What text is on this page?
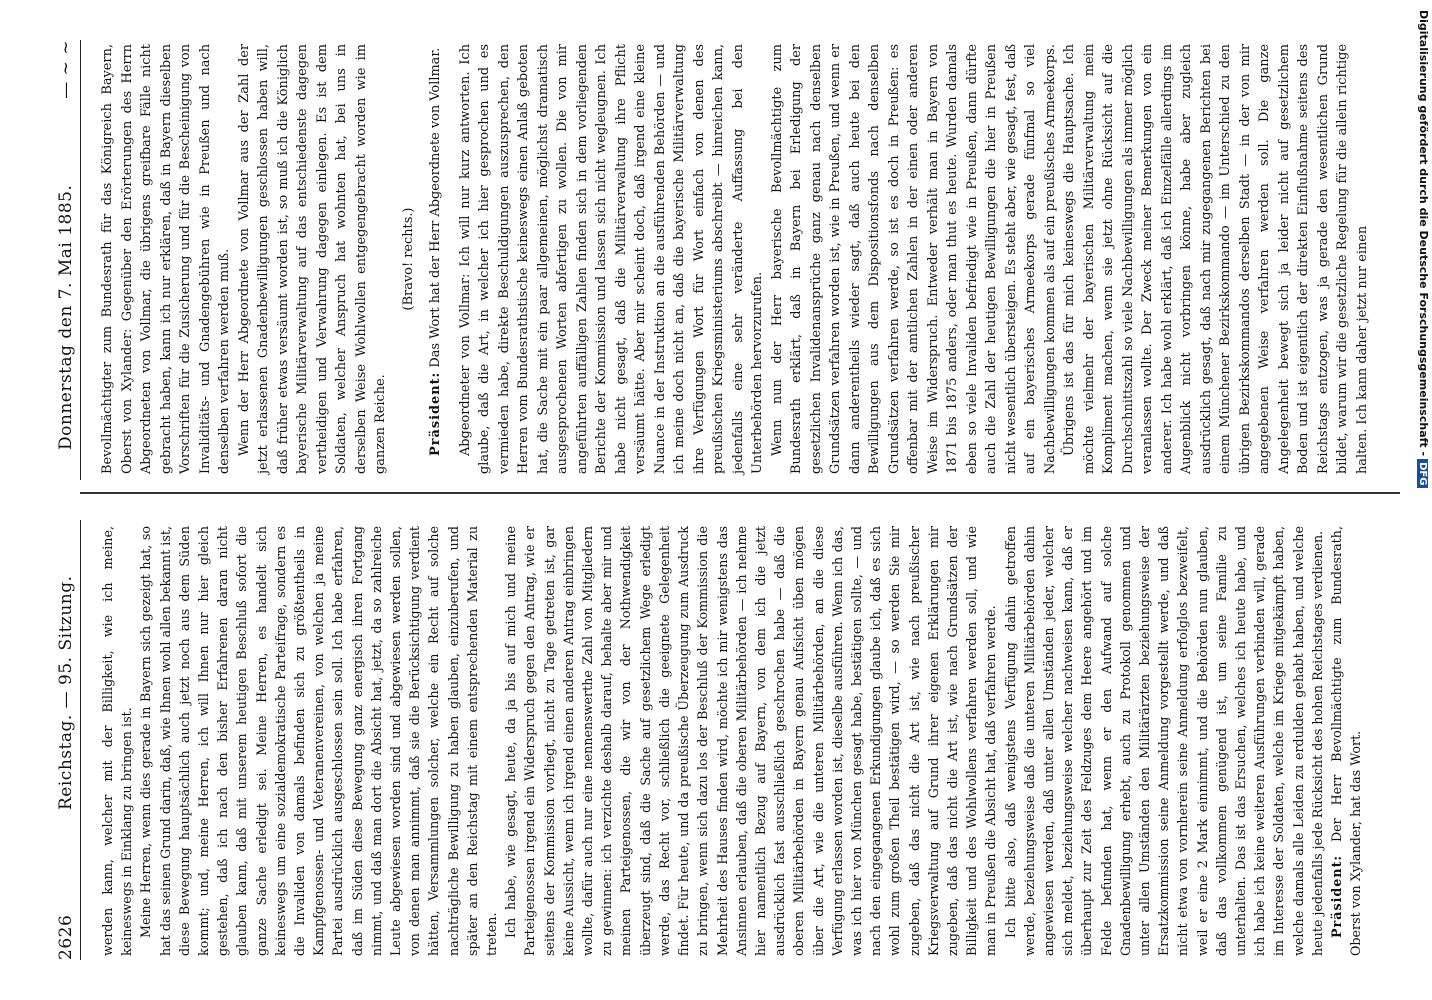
2626
Reichstag. — 95. Sitzung.
Donnerstag den 7. Mai 1885.
— ~ ~

werden kann, welcher mit der Billigkeit, wie ich meine, keineswegs in Einklang zu bringen ist. Meine Herren, wenn dies gerade in Bayern sich gezeigt hat, so hat das seinen Grund darin, daß, wie Ihnen wohl allen bekannt ist, diese Bewegung hauptsächlich auch jetzt noch aus dem Süden kommt; und, meine Herren, ich will Ihnen nur hier gleich gestehen, daß ich nach den bisher Erfahrenen daran nicht glauben kann, daß mit unserem heutigen Beschluß sofort die ganze Sache erledigt sei. Meine Herren, es handelt sich keineswegs um eine sozialdemokratische Parteifrage, sondern es die Invaliden von damals befinden sich zu größtentheils in Kampfgenossen- und Veteranenvereinen, von welchen ja meine Partei ausdrücklich ausgeschlossen sein soll. Ich habe erfahren, daß im Süden diese Bewegung ganz energisch ihren Fortgang nimmt, und daß man dort die Absicht hat, jetzt, da so zahlreiche Leute abgewiesen worden sind und abgewiesen werden sollen, von denen man annimmt, daß sie die Berücksichtigung verdient hätten, Versammlungen solcher, welche ein Recht auf solche nachträgliche Bewilligung zu haben glauben, einzuberufen, und später an den Reichstag mit einem entsprechenden Material zu treten. Ich habe, wie gesagt, heute, da ja bis auf mich und meine Parteigenossen irgend ein Widerspruch gegen den Antrag, wie er seitens der Kommission vorliegt, nicht zu Tage getreten ist, gar keine Aussicht, wenn ich irgend einen anderen Antrag einbringen wollte, dafür auch nur eine nennenswerthe Zahl von Mitgliedern zu gewinnen: ich verzichte deshalb darauf, behalte aber mir und meinen Parteigenossen, die wir von der Nothwendigkeit überzeugt sind, daß die Sache auf gesetzlichem Wege erledigt werde, das Recht vor, schließlich die geeignete Gelegenheit findet. Für heute, und da preußische Überzeugung zum Ausdruck zu bringen, wenn sich dazu los der Beschluß der Kommission die Mehrheit des Hauses finden wird, möchte ich mir wenigstens das Ansinnen erlauben, daß die oberen Militärbehörden — ich nehme hier namentlich Bezug auf Bayern, von dem ich die jetzt ausdrücklich fast ausschließlich geschrochen habe — daß die oberen Militärbehörden in Bayern genau Aufsicht üben mögen über die Art, wie die unteren Militärbehörden, an die diese Verfügung erlassen worden ist, dieselbe ausführen. Wenn ich das, was ich hier von München gesagt habe, bestätigen sollte, — und nach den eingegangenen Erkundigungen glaube ich, daß es sich wohl zum großen Theil bestätigen wird, — so werden Sie mir zugeben, daß das nicht die Art ist, wie nach preußischer Kriegsverwaltung auf Grund ihrer eigenen Erklärungen mir zugeben, daß das nicht die Art ist, wie nach Grundsätzen der Billigkeit und des Wohlwollens verfahren werden soll, und wie man in Preußen die Absicht hat, daß verfahren werde. Ich bitte also, daß wenigstens Verfügung dahin getroffen werde, beziehungsweise daß die unteren Militärbehörden dahin angewiesen werden, daß unter allen Umständen jeder, welcher sich meldet, beziehungsweise welcher nachweisen kann, daß er überhaupt zur Zeit des Feldzuges dem Heere angehört und im Felde befunden hat, wenn er den Aufwand auf solche Gnadenbewilligung erhebt, auch zu Protokoll genommen und unter allen Umständen den Militärärzten beziehungsweise der Ersatzkommission seine Anmeldung vorgestellt werde, und daß nicht etwa von vornherein seine Anmeldung erfolglos bezweifelt, weil er eine 2 Mark einnimmt, und die Behörden nun glauben, daß das vollkommen genügend ist, um seine Familie zu unterhalten. Das ist das Ersuchen, welches ich heute habe, und ich habe ich keine weiteren Ausführungen verbinden will, gerade im Interesse der Soldaten, welche im Kriege mitgekämpft haben, welche damals alle Leiden zu erdulden gehabt haben, und welche heute jedenfalls jede Rücksicht des hohen Reichstages verdienen. Präsident: Der Herr Bevollmächtigte zum Bundesrath, Oberst von Xylander, hat das Wort.

Bevollmächtigter zum Bundesrath für das Königreich Bayern, Oberst von Xylander: Gegenüber den Erörterungen des Herrn Abgeordneten von Vollmar, die übrigens greifbare Fälle nicht gebracht haben, kann ich nur erklären, daß in Bayern dieselben Vorschriften für die Zusicherung und für die Bescheinigung von Invaliditäts- und Gnadengebühren wie in Preußen und nach denselben verfahren werden muß. Wenn der Herr Abgeordnete von Vollmar aus der Zahl der jetzt erlassenen Gnadenbewilligungen geschlossen haben will, daß früher etwas versäumt worden ist, so muß ich die Königlich bayerische Militärverwaltung auf das entschiedenste dagegen vertheidigen und Verwahrung dagegen einlegen. Es ist dem Soldaten, welcher Anspruch hat wohnten hat, bei uns in derselben Weise Wohlwollen entgegengebracht worden wie im ganzen Reiche.

(Bravo! rechts.)

Präsident: Das Wort hat der Herr Abgeordnete von Vollmar. Abgeordneter von Vollmar: Ich will nur kurz antworten. Ich glaube, daß die Art, in welcher ich hier gesprochen und es vermieden habe, direkte Beschuldigungen auszusprechen, den Herren vom Bundesrathstische keineswegs einen Anlaß geboten hat, die Sache mit ein paar allgemeinen, möglichst dramatisch ausgesprochenen Worten abfertigen zu wollen. Die von mir angeführten auffälligen Zahlen finden sich in dem vorliegenden Berichte der Kommission und lassen sich nicht wegleugnen. Ich habe nicht gesagt, daß die Militärverwaltung ihre Pflicht versäumt hätte. Aber mir scheint doch, daß irgend eine kleine Nuance in der Instruktion an die ausführenden Behörden — und ich meine doch nicht an, daß die bayerische Militärverwaltung ihre Verfügungen Wort für Wort einfach von denen des preußischen Kriegsministeriums abschreibt — hinreichen kann, jedenfalls eine sehr veränderte Auffassung bei den Unterbehörden hervorzurufen. Wenn nun der Herr bayerische Bevollmächtigte zum Bundesrath erklärt, daß in Bayern bei Erledigung der gesetzlichen Invalidenansprüche ganz genau nach denselben Grundsätzen verfahren worden ist, wie in Preußen, und wenn er dann anderentheils wieder sagt, daß auch heute bei den Bewilligungen aus dem Dispositionsfonds nach denselben Grundsätzen verfahren werde, so ist es doch in Preußen: es offenbar mit der amtlichen Zahlen in der einen oder anderen Weise im Widerspruch. Entweder verhält man in Bayern von 1871 bis 1875 anders, oder man thut es heute. Wurden damals eben so viele Invaliden befriedigt wie in Preußen, dann dürfte auch die Zahl der heutigen Bewilligungen die hier in Preußen nicht wesentlich übersteigen. Es steht aber, wie gesagt, fest, daß auf ein bayerisches Armeekorps gerade fünfmal so viel Nachbewilligungen kommen als auf ein preußisches Armeekorps. Übrigens ist das für mich keineswegs die Hauptsache. Ich möchte vielmehr der bayerischen Militärverwaltung mein Kompliment machen, wenn sie jetzt ohne Rücksicht auf die Durchschnittszahl so viele Nachbewilligungen als immer möglich veranlassen wollte. Der Zweck meiner Bemerkungen von ein anderer. Ich habe wohl erklärt, daß ich Einzelfälle allerdings im Augenblick nicht vorbringen könne, habe aber zugleich ausdrücklich gesagt, daß nach mir zugegangenen Berichten bei einem Münchener Bezirkskommando — im Unterschied zu den übrigen Bezirkskommandos derselben Stadt — in der von mir angegebenen Weise verfahren werden soll. Die ganze Angelegenheit bewegt sich ja leider nicht auf gesetzlichem Boden und ist eigentlich der direkten Einflußnahme seitens des Reichstags entzogen, was ja gerade den wesentlichen Grund bildet, warum wir die gesetzliche Regelung für die allein richtige halten. Ich kann daher jetzt nur einen	Digitalisierung gefördert durch die Deutsche Forschungsgemeinschaft -DFG
